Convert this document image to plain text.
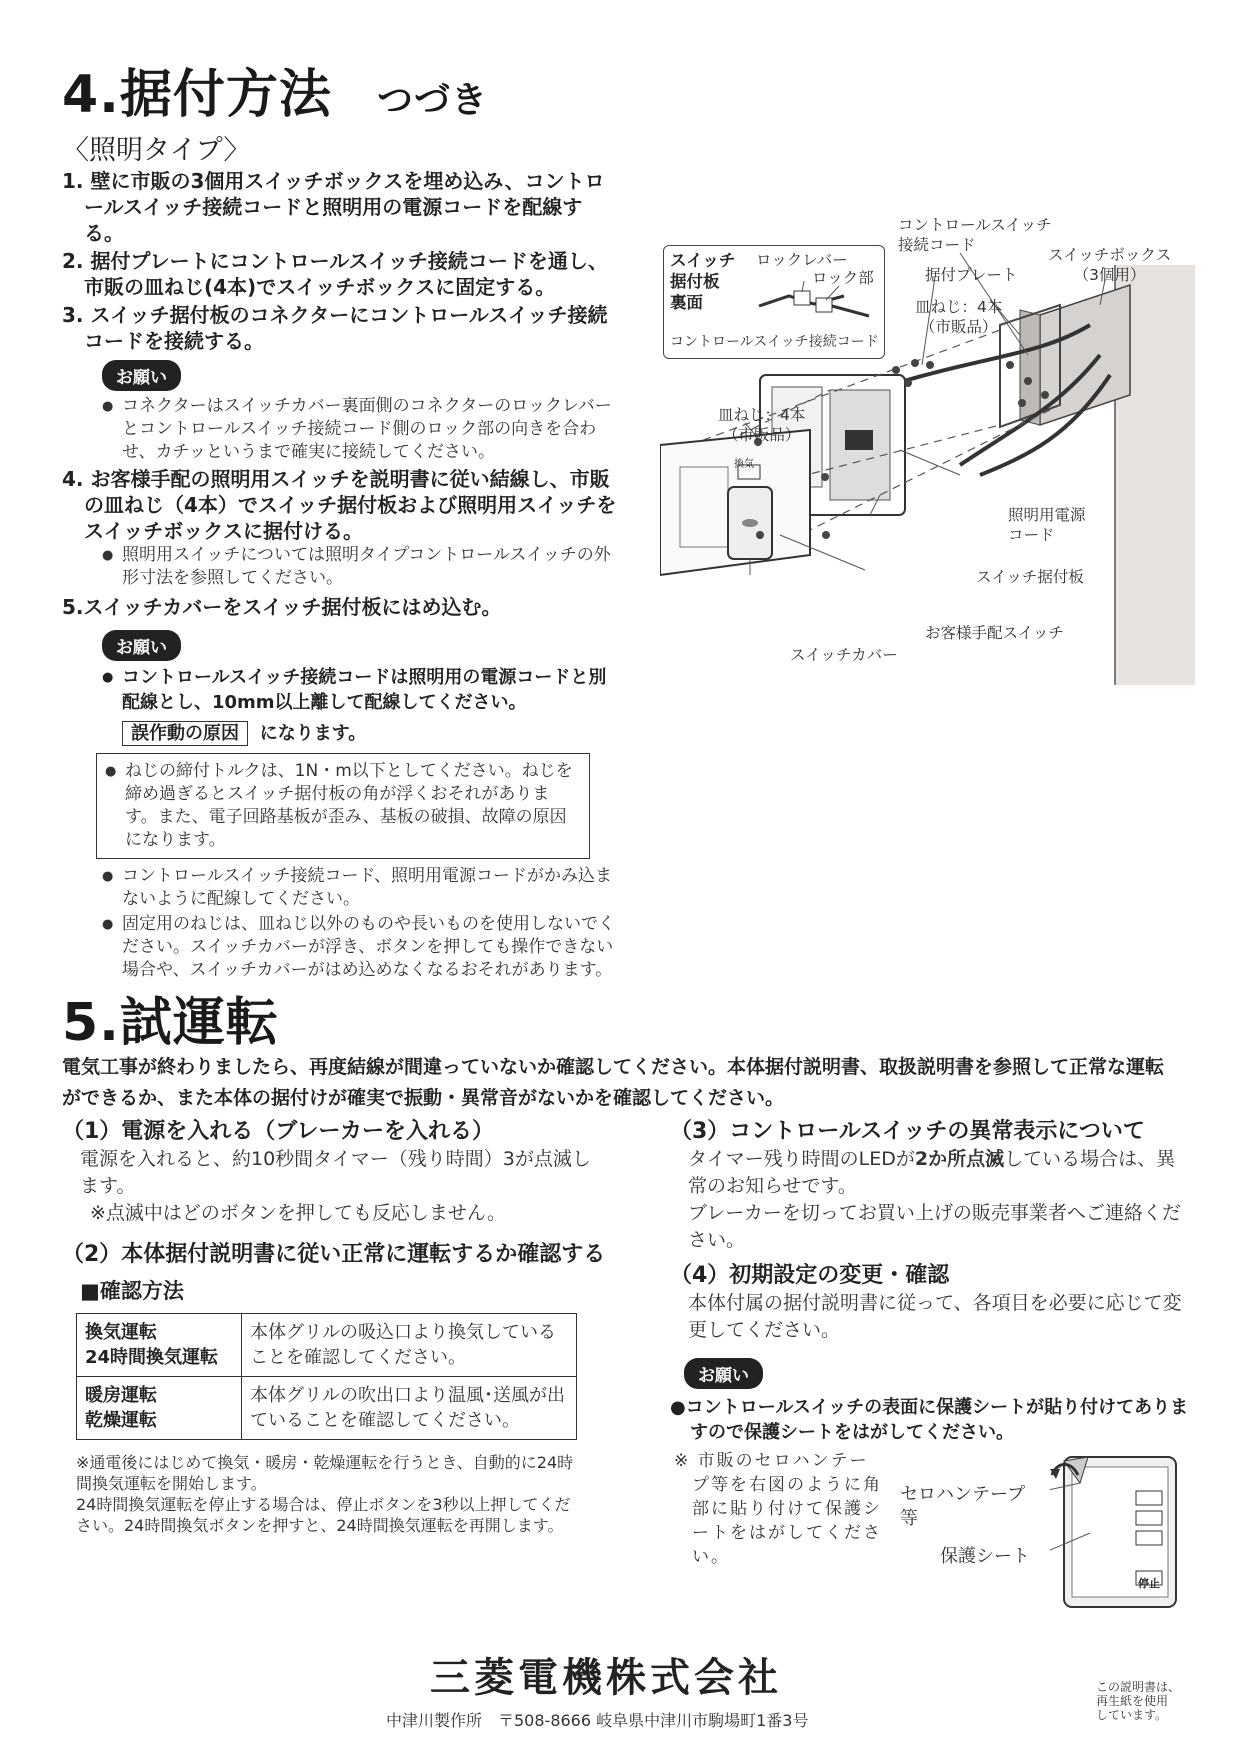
4.据付方法 つづき
〈照明タイプ〉
1. 壁に市販の3個用スイッチボックスを埋め込み、コントロールスイッチ接続コードと照明用の電源コードを配線する。
2. 据付プレートにコントロールスイッチ接続コードを通し、市販の皿ねじ(4本)でスイッチボックスに固定する。
3. スイッチ据付板のコネクターにコントロールスイッチ接続コードを接続する。
お願い
● コネクターはスイッチカバー裏面側のコネクターのロックレバーとコントロールスイッチ接続コード側のロック部の向きを合わせ、カチッというまで確実に接続してください。
4. お客様手配の照明用スイッチを説明書に従い結線し、市販の皿ねじ（4本）でスイッチ据付板および照明用スイッチをスイッチボックスに据付ける。
● 照明用スイッチについては照明タイプコントロールスイッチの外形寸法を参照してください。
5.スイッチカバーをスイッチ据付板にはめ込む。
お願い
● コントロールスイッチ接続コードは照明用の電源コードと別配線とし、10mm以上離して配線してください。
誤作動の原因 になります。
● ねじの締付トルクは、1N・m以下としてください。ねじを締め過ぎるとスイッチ据付板の角が浮くおそれがあります。また、電子回路基板が歪み、基板の破損、故障の原因になります。
● コントロールスイッチ接続コード、照明用電源コードがかみ込まないように配線してください。
● 固定用のねじは、皿ねじ以外のものや長いものを使用しないでください。スイッチカバーが浮き、ボタンを押しても操作できない場合や、スイッチカバーがはめ込めなくなるおそれがあります。
スイッチ
据付板
裏面
ロックレバー
ロック部
コントロールスイッチ接続コード
コントロールスイッチ
接続コード
据付プレート
スイッチボックス
（3個用）
皿ねじ：4本
（市販品）
皿ねじ：4本
（市販品）
照明用電源
コード
スイッチ据付板
お客様手配スイッチ
スイッチカバー
換気
5.試運転
電気工事が終わりましたら、再度結線が間違っていないか確認してください。本体据付説明書、取扱説明書を参照して正常な運転ができるか、また本体の据付けが確実で振動・異常音がないかを確認してください。
（1）電源を入れる（ブレーカーを入れる）
電源を入れると、約10秒間タイマー（残り時間）3が点滅します。
※点滅中はどのボタンを押しても反応しません。
（2）本体据付説明書に従い正常に運転するか確認する
■確認方法
換気運転
24時間換気運転	本体グリルの吸込口より換気していることを確認してください。
暖房運転
乾燥運転	本体グリルの吹出口より温風･送風が出ていることを確認してください。
※通電後にはじめて換気・暖房・乾燥運転を行うとき、自動的に24時間換気運転を開始します。
24時間換気運転を停止する場合は、停止ボタンを3秒以上押してください。24時間換気ボタンを押すと、24時間換気運転を再開します。
（3）コントロールスイッチの異常表示について
タイマー残り時間のLEDが2か所点滅している場合は、異常のお知らせです。
ブレーカーを切ってお買い上げの販売事業者へご連絡ください。
（4）初期設定の変更・確認
本体付属の据付説明書に従って、各項目を必要に応じて変更してください。
お願い
●コントロールスイッチの表面に保護シートが貼り付けてありますので保護シートをはがしてください。
※ 市販のセロハンテープ等を右図のように角部に貼り付けて保護シートをはがしてください。
セロハンテープ
等
保護シート
停止
三菱電機株式会社
中津川製作所　〒508-8666 岐阜県中津川市駒場町1番3号
この説明書は、
再生紙を使用
しています。
